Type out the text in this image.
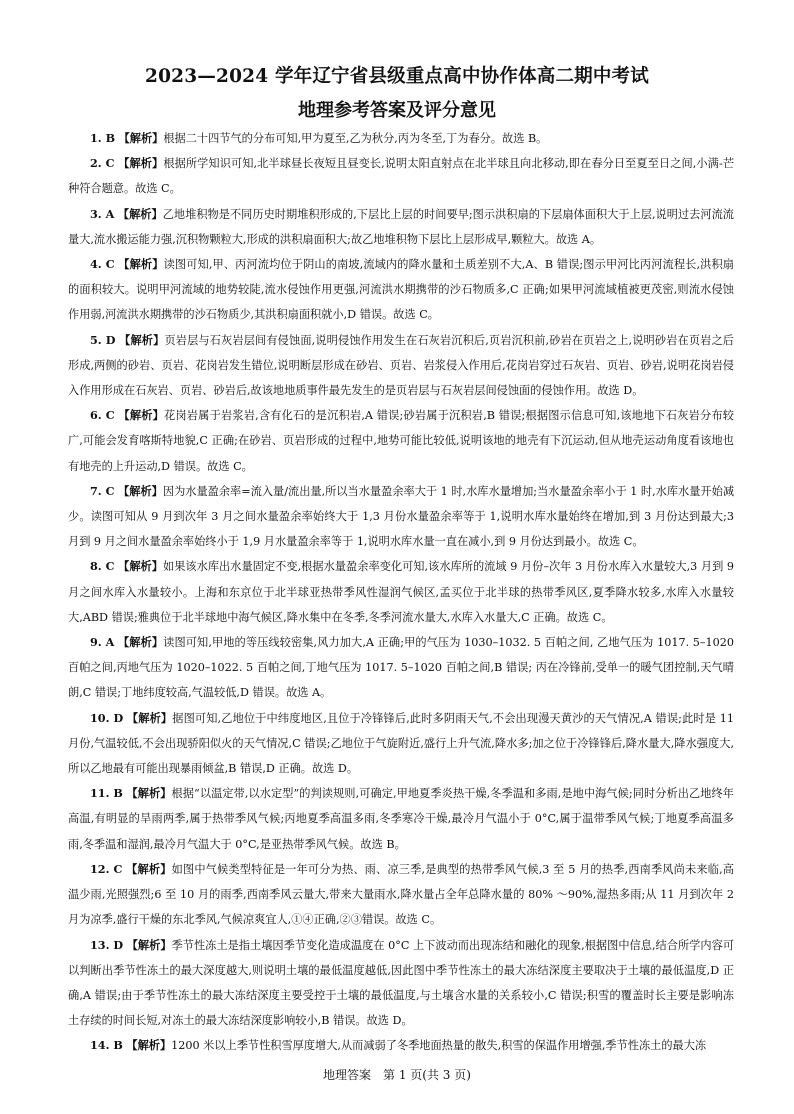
2023—2024 学年辽宁省县级重点高中协作体高二期中考试
地理参考答案及评分意见

1. B 【解析】根据二十四节气的分布可知,甲为夏至,乙为秋分,丙为冬至,丁为春分。故选 B。

2. C 【解析】根据所学知识可知,北半球昼长夜短且昼变长,说明太阳直射点在北半球且向北移动,即在春分日至夏至日之间,小满-芒种符合题意。故选 C。

3. A 【解析】乙地堆积物是不同历史时期堆积形成的,下层比上层的时间要早;图示洪积扇的下层扇体面积大于上层,说明过去河流流量大,流水搬运能力强,沉积物颗粒大,形成的洪积扇面积大;故乙地堆积物下层比上层形成早,颗粒大。故选 A。

4. C 【解析】读图可知,甲、丙河流均位于阴山的南坡,流域内的降水量和土质差别不大,A、B 错误;图示甲河比丙河流程长,洪积扇的面积较大。说明甲河流域的地势较陡,流水侵蚀作用更强,河流洪水期携带的沙石物质多,C 正确;如果甲河流域植被更茂密,则流水侵蚀作用弱,河流洪水期携带的沙石物质少,其洪积扇面积就小,D 错误。故选 C。

5. D 【解析】页岩层与石灰岩层间有侵蚀面,说明侵蚀作用发生在石灰岩沉积后,页岩沉积前,砂岩在页岩之上,说明砂岩在页岩之后形成,两侧的砂岩、页岩、花岗岩发生错位,说明断层形成在砂岩、页岩、岩浆侵入作用后,花岗岩穿过石灰岩、页岩、砂岩,说明花岗岩侵入作用形成在石灰岩、页岩、砂岩后,故该地地质事件最先发生的是页岩层与石灰岩层间侵蚀面的侵蚀作用。故选 D。

6. C 【解析】花岗岩属于岩浆岩,含有化石的是沉积岩,A 错误;砂岩属于沉积岩,B 错误;根据图示信息可知,该地地下石灰岩分布较广,可能会发育喀斯特地貌,C 正确;在砂岩、页岩形成的过程中,地势可能比较低,说明该地的地壳有下沉运动,但从地壳运动角度看该地也有地壳的上升运动,D 错误。故选 C。

7. C 【解析】因为水量盈余率=流入量/流出量,所以当水量盈余率大于 1 时,水库水量增加;当水量盈余率小于 1 时,水库水量开始减少。读图可知从 9 月到次年 3 月之间水量盈余率始终大于 1,3 月份水量盈余率等于 1,说明水库水量始终在增加,到 3 月份达到最大;3 月到 9 月之间水量盈余率始终小于 1,9 月水量盈余率等于 1,说明水库水量一直在减小,到 9 月份达到最小。故选 C。

8. C 【解析】如果该水库出水量固定不变,根据水量盈余率变化可知,该水库所的流域 9 月份–次年 3 月份水库入水量较大,3 月到 9 月之间水库入水量较小。上海和东京位于北半球亚热带季风性湿润气候区,孟买位于北半球的热带季风区,夏季降水较多,水库入水量较大,ABD 错误;雅典位于北半球地中海气候区,降水集中在冬季,冬季河流水量大,水库入水量大,C 正确。故选 C。

9. A 【解析】读图可知,甲地的等压线较密集,风力加大,A 正确;甲的气压为 1030–1032. 5 百帕之间, 乙地气压为 1017. 5–1020 百帕之间,丙地气压为 1020–1022. 5 百帕之间,丁地气压为 1017. 5–1020 百帕之间,B 错误; 丙在冷锋前,受单一的暖气团控制,天气晴朗,C 错误;丁地纬度较高,气温较低,D 错误。故选 A。

10. D 【解析】据图可知,乙地位于中纬度地区,且位于冷锋锋后,此时多阴雨天气,不会出现漫天黄沙的天气情况,A 错误;此时是 11 月份,气温较低,不会出现骄阳似火的天气情况,C 错误;乙地位于气旋附近,盛行上升气流,降水多;加之位于冷锋锋后,降水量大,降水强度大,所以乙地最有可能出现暴雨倾盆,B 错误,D 正确。故选 D。

11. B 【解析】根据“以温定带,以水定型”的判读规则,可确定,甲地夏季炎热干燥,冬季温和多雨,是地中海气候;同时分析出乙地终年高温,有明显的旱雨两季,属于热带季风气候;丙地夏季高温多雨,冬季寒冷干燥,最冷月气温小于 0°C,属于温带季风气候;丁地夏季高温多雨,冬季温和湿润,最冷月气温大于 0°C,是亚热带季风气候。故选 B。

12. C 【解析】如图中气候类型特征是一年可分为热、雨、凉三季,是典型的热带季风气候,3 至 5 月的热季,西南季风尚未来临,高温少雨,光照强烈;6 至 10 月的雨季,西南季风云量大,带来大量雨水,降水量占全年总降水量的 80% ～90%,湿热多雨;从 11 月到次年 2 月为凉季,盛行干燥的东北季风,气候凉爽宜人,①④正确,②③错误。故选 C。

13. D 【解析】季节性冻土是指土壤因季节变化造成温度在 0°C 上下波动而出现冻结和融化的现象,根据图中信息,结合所学内容可以判断出季节性冻土的最大深度越大,则说明土壤的最低温度越低,因此图中季节性冻土的最大冻结深度主要取决于土壤的最低温度,D 正确,A 错误;由于季节性冻土的最大冻结深度主要受控于土壤的最低温度,与土壤含水量的关系较小,C 错误;积雪的覆盖时长主要是影响冻土存续的时间长短,对冻土的最大冻结深度影响较小,B 错误。故选 D。

14. B 【解析】1200 米以上季节性积雪厚度增大,从而减弱了冬季地面热量的散失,积雪的保温作用增强,季节性冻土的最大冻

地理答案　第 1 页(共 3 页)
